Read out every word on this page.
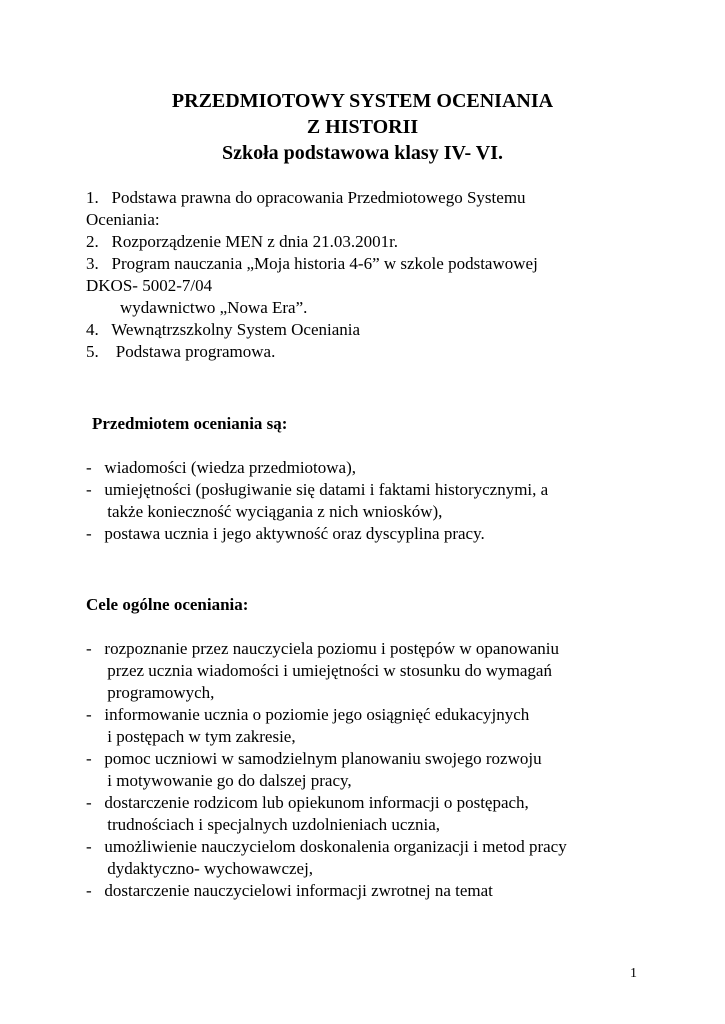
PRZEDMIOTOWY SYSTEM OCENIANIA
Z HISTORII
Szkoła podstawowa klasy IV- VI.
1.   Podstawa prawna do opracowania Przedmiotowego Systemu
Oceniania:
2.   Rozporządzenie MEN z dnia 21.03.2001r.
3.   Program nauczania „Moja historia 4-6” w szkole podstawowej
DKOS- 5002-7/04
wydawnictwo „Nowa Era”.
4.   Wewnątrzszkolny System Oceniania
5.    Podstawa programowa.
Przedmiotem oceniania są:
-   wiadomości (wiedza przedmiotowa),
-   umiejętności (posługiwanie się datami i faktami historycznymi, a
także konieczność wyciągania z nich wniosków),
-   postawa ucznia i jego aktywność oraz dyscyplina pracy.
Cele ogólne oceniania:
-   rozpoznanie przez nauczyciela poziomu i postępów w opanowaniu
przez ucznia wiadomości i umiejętności w stosunku do wymagań
programowych,
-   informowanie ucznia o poziomie jego osiągnięć edukacyjnych
i postępach w tym zakresie,
-   pomoc uczniowi w samodzielnym planowaniu swojego rozwoju
i motywowanie go do dalszej pracy,
-   dostarczenie rodzicom lub opiekunom informacji o postępach,
trudnościach i specjalnych uzdolnieniach ucznia,
-   umożliwienie nauczycielom doskonalenia organizacji i metod pracy
dydaktyczno- wychowawczej,
-   dostarczenie nauczycielowi informacji zwrotnej na temat
1
